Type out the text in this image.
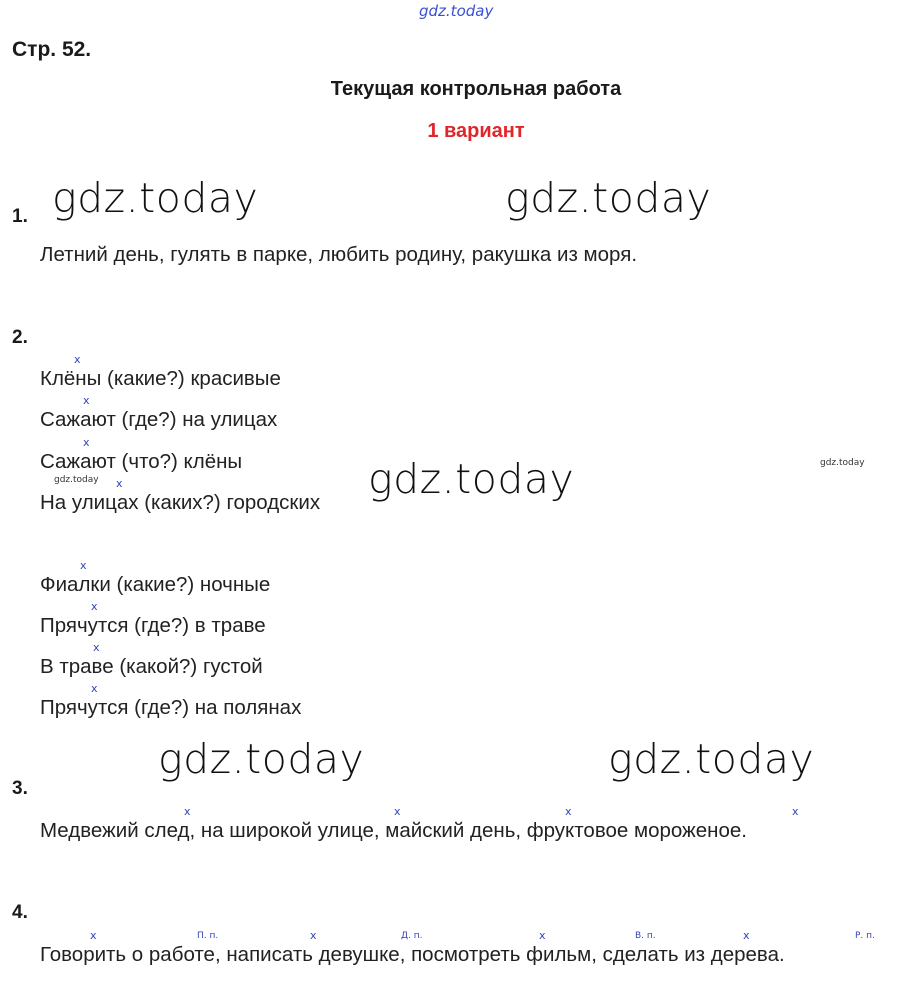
gdz.today
Стр. 52.
Текущая контрольная работа
1 вариант
1. gdz.today	gdz.today
Летний день, гулять в парке, любить родину, ракушка из моря.
2.
x
Клёны (какие?) красивые
x
Сажают (где?) на улицах
x
Сажают (что?) клёны
gdz.today x
На улицах (каких?) городских gdz.today	gdz.today
x
Фиалки (какие?) ночные
x
Прячутся (где?) в траве
x
В траве (какой?) густой
x
Прячутся (где?) на полянах
gdz.today	gdz.today
3.
x	x	x	x
Медвежий след, на широкой улице, майский день, фруктовое мороженое.
4.
x	П. п.	x	Д. п.	x	В. п.	x	Р. п.
Говорить о работе, написать девушке, посмотреть фильм, сделать из дерева.
